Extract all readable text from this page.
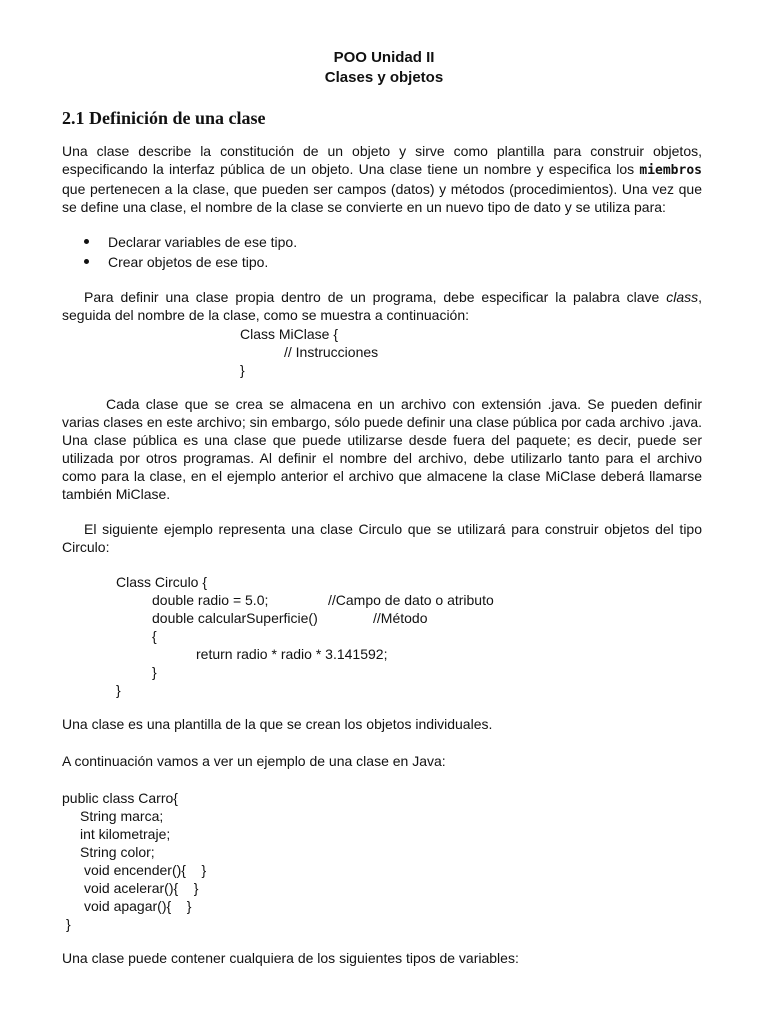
POO Unidad II
Clases y objetos
2.1 Definición de una clase

Una clase describe la constitución de un objeto y sirve como plantilla para construir objetos, especificando la interfaz pública de un objeto. Una clase tiene un nombre y especifica los miembros que pertenecen a la clase, que pueden ser campos (datos) y métodos (procedimientos). Una vez que se define una clase, el nombre de la clase se convierte en un nuevo tipo de dato y se utiliza para:

Declarar variables de ese tipo.
Crear objetos de ese tipo.

Para definir una clase propia dentro de un programa, debe especificar la palabra clave class, seguida del nombre de la clase, como se muestra a continuación:

Class MiClase {
// Instrucciones
}

Cada clase que se crea se almacena en un archivo con extensión .java. Se pueden definir varias clases en este archivo; sin embargo, sólo puede definir una clase pública por cada archivo .java. Una clase pública es una clase que puede utilizarse desde fuera del paquete; es decir, puede ser utilizada por otros programas. Al definir el nombre del archivo, debe utilizarlo tanto para el archivo como para la clase, en el ejemplo anterior el archivo que almacene la clase MiClase deberá llamarse también MiClase.

El siguiente ejemplo representa una clase Circulo que se utilizará para construir objetos del tipo Circulo:

Class Circulo {
double radio = 5.0;	//Campo de dato o atributo
double calcularSuperficie()	//Método
{
return radio * radio * 3.141592;
}
}
Una clase es una plantilla de la que se crean los objetos individuales.
A continuación vamos a ver un ejemplo de una clase en Java:
public class Carro{
String marca;
int kilometraje;
String color;
void encender(){    }
void acelerar(){    }
void apagar(){    }
}
Una clase puede contener cualquiera de los siguientes tipos de variables:
